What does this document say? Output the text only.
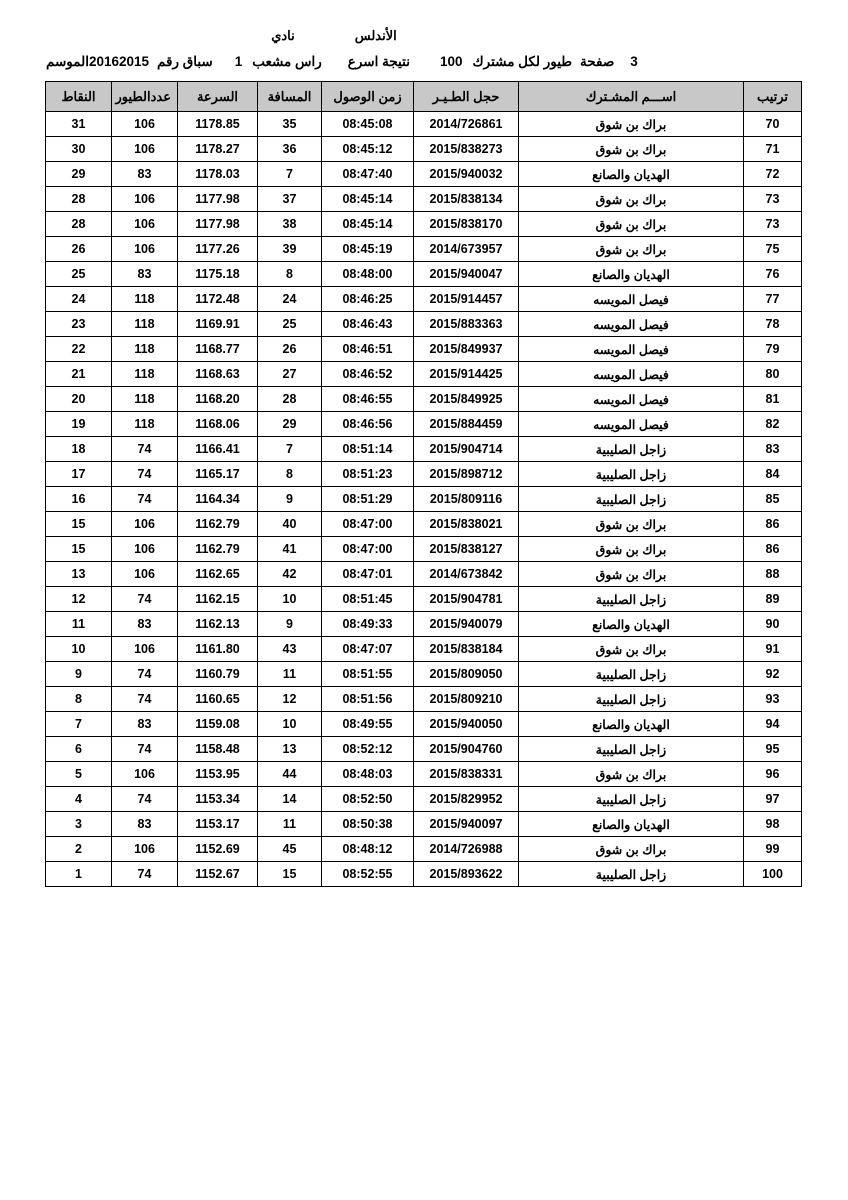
نادي	الأندلس
الموسم 20162015 سباق رقم 1 راس مشعب نتيجة اسرع 100 طيور لكل مشترك صفحة 3
ترتيب	اســـم المشـترك	حجل الطـيـر	زمن الوصول	المسافة	السرعة	عددالطيور	النقاط
70	براك بن شوق	2014/726861	08:45:08	35	1178.85	106	31
71	براك بن شوق	2015/838273	08:45:12	36	1178.27	106	30
72	الهديان والصانع	2015/940032	08:47:40	7	1178.03	83	29
73	براك بن شوق	2015/838134	08:45:14	37	1177.98	106	28
73	براك بن شوق	2015/838170	08:45:14	38	1177.98	106	28
75	براك بن شوق	2014/673957	08:45:19	39	1177.26	106	26
76	الهديان والصانع	2015/940047	08:48:00	8	1175.18	83	25
77	فيصل المويسه	2015/914457	08:46:25	24	1172.48	118	24
78	فيصل المويسه	2015/883363	08:46:43	25	1169.91	118	23
79	فيصل المويسه	2015/849937	08:46:51	26	1168.77	118	22
80	فيصل المويسه	2015/914425	08:46:52	27	1168.63	118	21
81	فيصل المويسه	2015/849925	08:46:55	28	1168.20	118	20
82	فيصل المويسه	2015/884459	08:46:56	29	1168.06	118	19
83	زاجل الصليبية	2015/904714	08:51:14	7	1166.41	74	18
84	زاجل الصليبية	2015/898712	08:51:23	8	1165.17	74	17
85	زاجل الصليبية	2015/809116	08:51:29	9	1164.34	74	16
86	براك بن شوق	2015/838021	08:47:00	40	1162.79	106	15
86	براك بن شوق	2015/838127	08:47:00	41	1162.79	106	15
88	براك بن شوق	2014/673842	08:47:01	42	1162.65	106	13
89	زاجل الصليبية	2015/904781	08:51:45	10	1162.15	74	12
90	الهديان والصانع	2015/940079	08:49:33	9	1162.13	83	11
91	براك بن شوق	2015/838184	08:47:07	43	1161.80	106	10
92	زاجل الصليبية	2015/809050	08:51:55	11	1160.79	74	9
93	زاجل الصليبية	2015/809210	08:51:56	12	1160.65	74	8
94	الهديان والصانع	2015/940050	08:49:55	10	1159.08	83	7
95	زاجل الصليبية	2015/904760	08:52:12	13	1158.48	74	6
96	براك بن شوق	2015/838331	08:48:03	44	1153.95	106	5
97	زاجل الصليبية	2015/829952	08:52:50	14	1153.34	74	4
98	الهديان والصانع	2015/940097	08:50:38	11	1153.17	83	3
99	براك بن شوق	2014/726988	08:48:12	45	1152.69	106	2
100	زاجل الصليبية	2015/893622	08:52:55	15	1152.67	74	1
